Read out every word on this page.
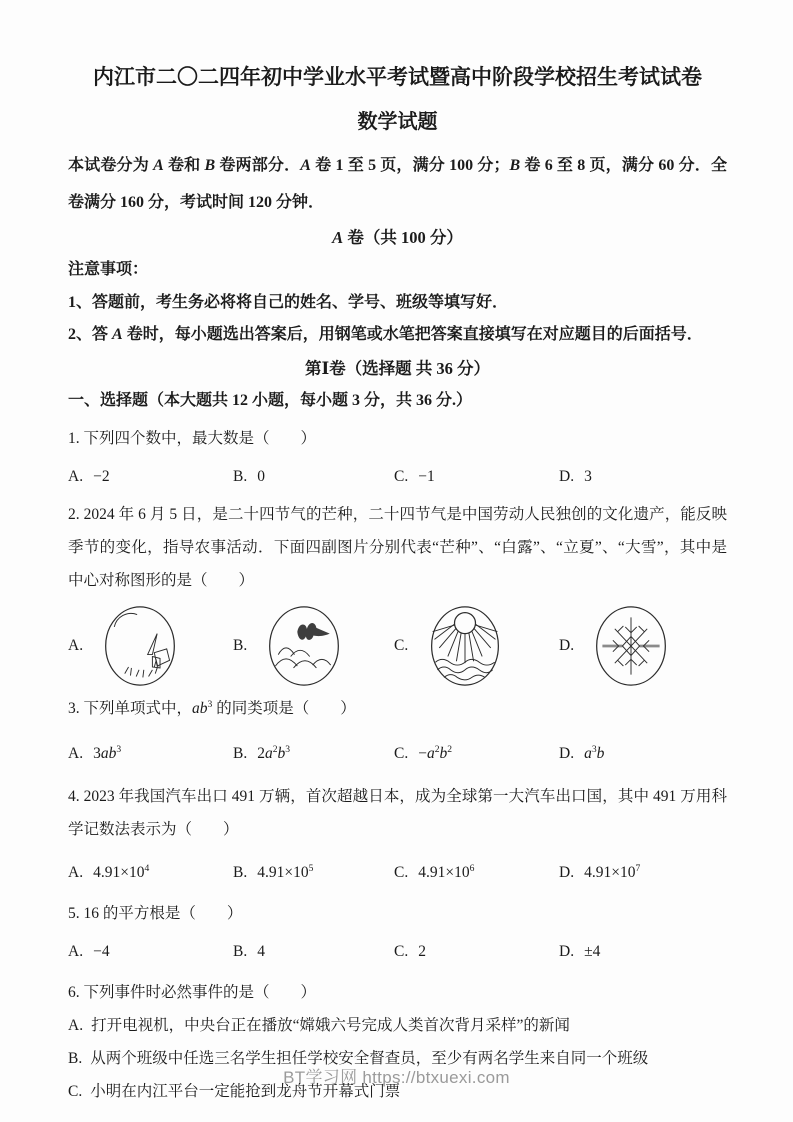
内江市二〇二四年初中学业水平考试暨高中阶段学校招生考试试卷
数学试题

本试卷分为 A 卷和 B 卷两部分．A 卷 1 至 5 页，满分 100 分；B 卷 6 至 8 页，满分 60 分．全卷满分 160 分，考试时间 120 分钟．

A 卷（共 100 分）
注意事项：
1、答题前，考生务必将将自己的姓名、学号、班级等填写好．
2、答 A 卷时，每小题选出答案后，用钢笔或水笔把答案直接填写在对应题目的后面括号．
第Ⅰ卷（选择题 共 36 分）
一、选择题（本大题共 12 小题，每小题 3 分，共 36 分.）

1. 下列四个数中，最大数是（　　）

A. −2	B. 0	C. −1	D. 3

2. 2024 年 6 月 5 日，是二十四节气的芒种，二十四节气是中国劳动人民独创的文化遗产，能反映季节的变化，指导农事活动．下面四副图片分别代表“芒种”、“白露”、“立夏”、“大雪”，其中是中心对称图形的是（　　）

A.	B.	C.	D.

3. 下列单项式中，$ab^3$ 的同类项是（　　）

A. $3ab^3$	B. $2a^2b^3$	C. $-a^2b^2$	D. $a^3b$

4. 2023 年我国汽车出口 491 万辆，首次超越日本，成为全球第一大汽车出口国，其中 491 万用科学记数法表示为（　　）

A. $4.91\times 10^4$	B. $4.91\times 10^5$	C. $4.91\times 10^6$	D. $4.91\times 10^7$

5. 16 的平方根是（　　）

A. −4	B. 4	C. 2	D. ±4

6. 下列事件时必然事件的是（　　）

A. 打开电视机，中央台正在播放“嫦娥六号完成人类首次背月采样”的新闻
B. 从两个班级中任选三名学生担任学校安全督查员，至少有两名学生来自同一个班级
C. 小明在内江平台一定能抢到龙舟节开幕式门票
BT学习网 https://btxuexi.com
